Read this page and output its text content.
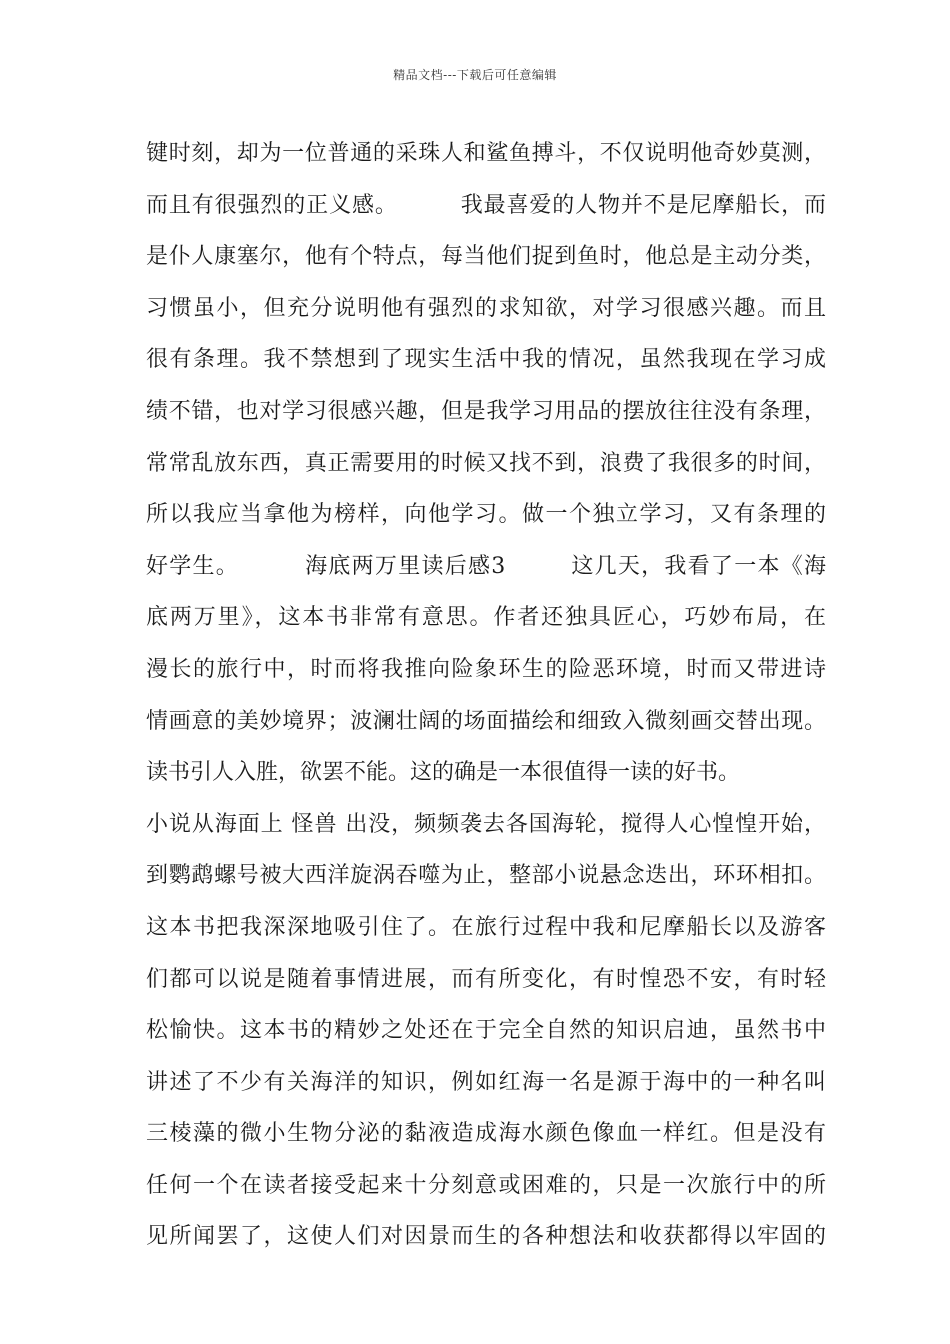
精品文档---下载后可任意编辑
键时刻，却为一位普通的采珠人和鲨鱼搏斗，不仅说明他奇妙莫测，
而且有很强烈的正义感。        我最喜爱的人物并不是尼摩船长，而
是仆人康塞尔，他有个特点，每当他们捉到鱼时，他总是主动分类，
习惯虽小，但充分说明他有强烈的求知欲，对学习很感兴趣。而且
很有条理。我不禁想到了现实生活中我的情况，虽然我现在学习成
绩不错，也对学习很感兴趣，但是我学习用品的摆放往往没有条理，
常常乱放东西，真正需要用的时候又找不到，浪费了我很多的时间，
所以我应当拿他为榜样，向他学习。做一个独立学习，又有条理的
好学生。        海底两万里读后感3        这几天，我看了一本《海
底两万里》，这本书非常有意思。作者还独具匠心，巧妙布局，在
漫长的旅行中，时而将我推向险象环生的险恶环境，时而又带进诗
情画意的美妙境界；波澜壮阔的场面描绘和细致入微刻画交替出现。
读书引人入胜，欲罢不能。这的确是一本很值得一读的好书。
小说从海面上 怪兽 出没，频频袭去各国海轮，搅得人心惶惶开始，
到鹦鹉螺号被大西洋旋涡吞噬为止，整部小说悬念迭出，环环相扣。
这本书把我深深地吸引住了。在旅行过程中我和尼摩船长以及游客
们都可以说是随着事情进展，而有所变化，有时惶恐不安，有时轻
松愉快。这本书的精妙之处还在于完全自然的知识启迪，虽然书中
讲述了不少有关海洋的知识，例如红海一名是源于海中的一种名叫
三棱藻的微小生物分泌的黏液造成海水颜色像血一样红。但是没有
任何一个在读者接受起来十分刻意或困难的，只是一次旅行中的所
见所闻罢了，这使人们对因景而生的各种想法和收获都得以牢固的
